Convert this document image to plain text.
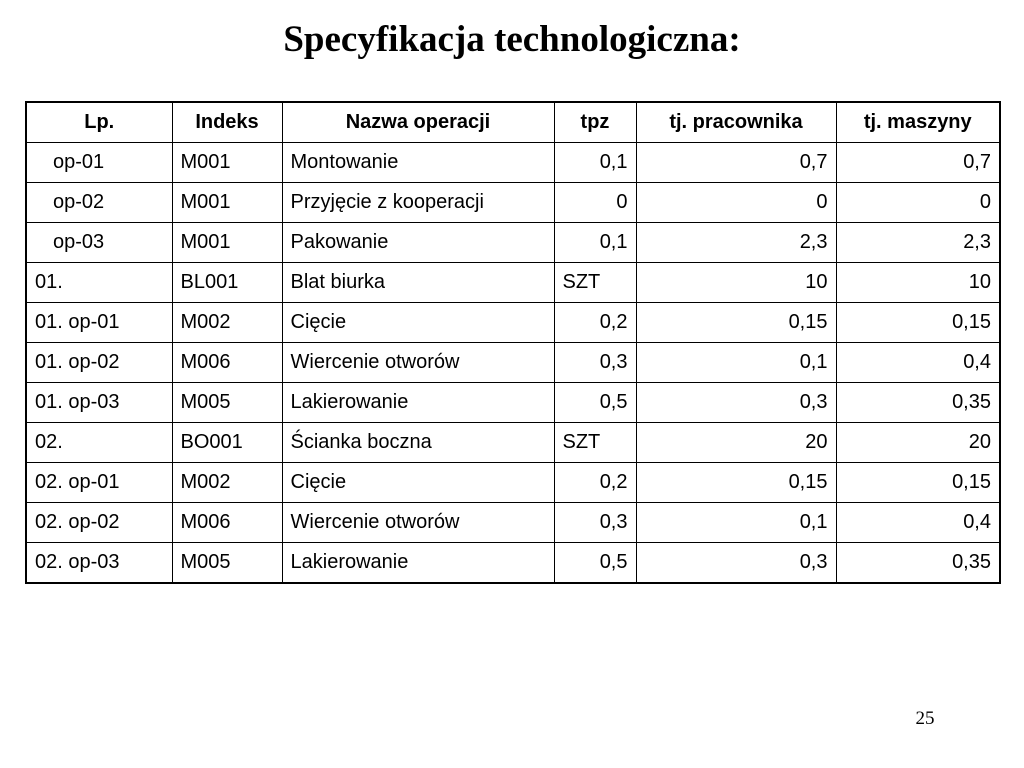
Specyfikacja technologiczna:
Lp.	Indeks	Nazwa operacji	tpz	tj. pracownika	tj. maszyny
op-01	M001	Montowanie	0,1	0,7	0,7
op-02	M001	Przyjęcie z kooperacji	0	0	0
op-03	M001	Pakowanie	0,1	2,3	2,3
01.	BL001	Blat biurka	SZT	10	10
01. op-01	M002	Cięcie	0,2	0,15	0,15
01. op-02	M006	Wiercenie otworów	0,3	0,1	0,4
01. op-03	M005	Lakierowanie	0,5	0,3	0,35
02.	BO001	Ścianka boczna	SZT	20	20
02. op-01	M002	Cięcie	0,2	0,15	0,15
02. op-02	M006	Wiercenie otworów	0,3	0,1	0,4
02. op-03	M005	Lakierowanie	0,5	0,3	0,35
25
